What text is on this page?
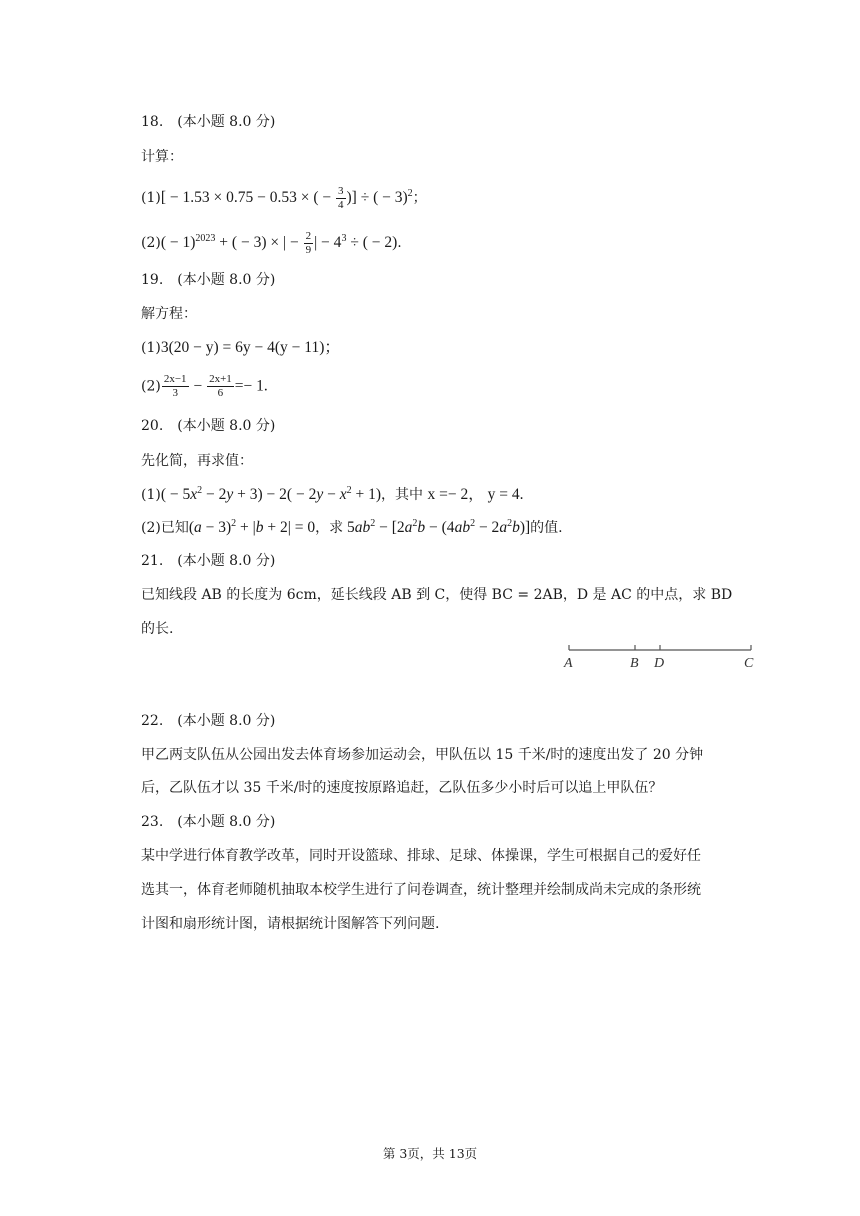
18. (本小题 8.0 分)
计算：
(1)[ − 1.53 × 0.75 − 0.53 × ( − $\frac{3}{4}$ )] ÷ ( − 3)$^2$；
$(2)( - 1)^{2023}$ + ( − 3) × | − $\frac{2}{9}$ | − $4^3$ ÷ ( − 2).
19. (本小题 8.0 分)
解方程：
(1)3(20 − y) = 6y − 4(y − 11)；
$(2) \frac{2x-1}{3} - \frac{2x+1}{6} =- 1$.
20. (本小题 8.0 分)
先化简，再求值：
$(1)( - 5x^2 - 2y + 3) - 2( - 2y - x^2 + 1)$，其中 x =− 2， y = 4.
(2)已知$(a - 3)^2 + |b + 2| = 0$，求 $5ab^2 - [2a^2b - (4ab^2 - 2a^2b)]$的值.
21. (本小题 8.0 分)
已知线段 AB 的长度为 6cm，延长线段 AB 到 C，使得 BC = 2AB，D 是 AC 的中点，求 BD
的长.
A	B D	C
22. (本小题 8.0 分)
甲乙两支队伍从公园出发去体育场参加运动会，甲队伍以 15 千米/时的速度出发了 20 分钟
后，乙队伍才以 35 千米/时的速度按原路追赶，乙队伍多少小时后可以追上甲队伍？
23. (本小题 8.0 分)
某中学进行体育教学改革，同时开设篮球、排球、足球、体操课，学生可根据自己的爱好任
选其一，体育老师随机抽取本校学生进行了问卷调查，统计整理并绘制成尚未完成的条形统
计图和扇形统计图，请根据统计图解答下列问题.
第 3页，共 13页
